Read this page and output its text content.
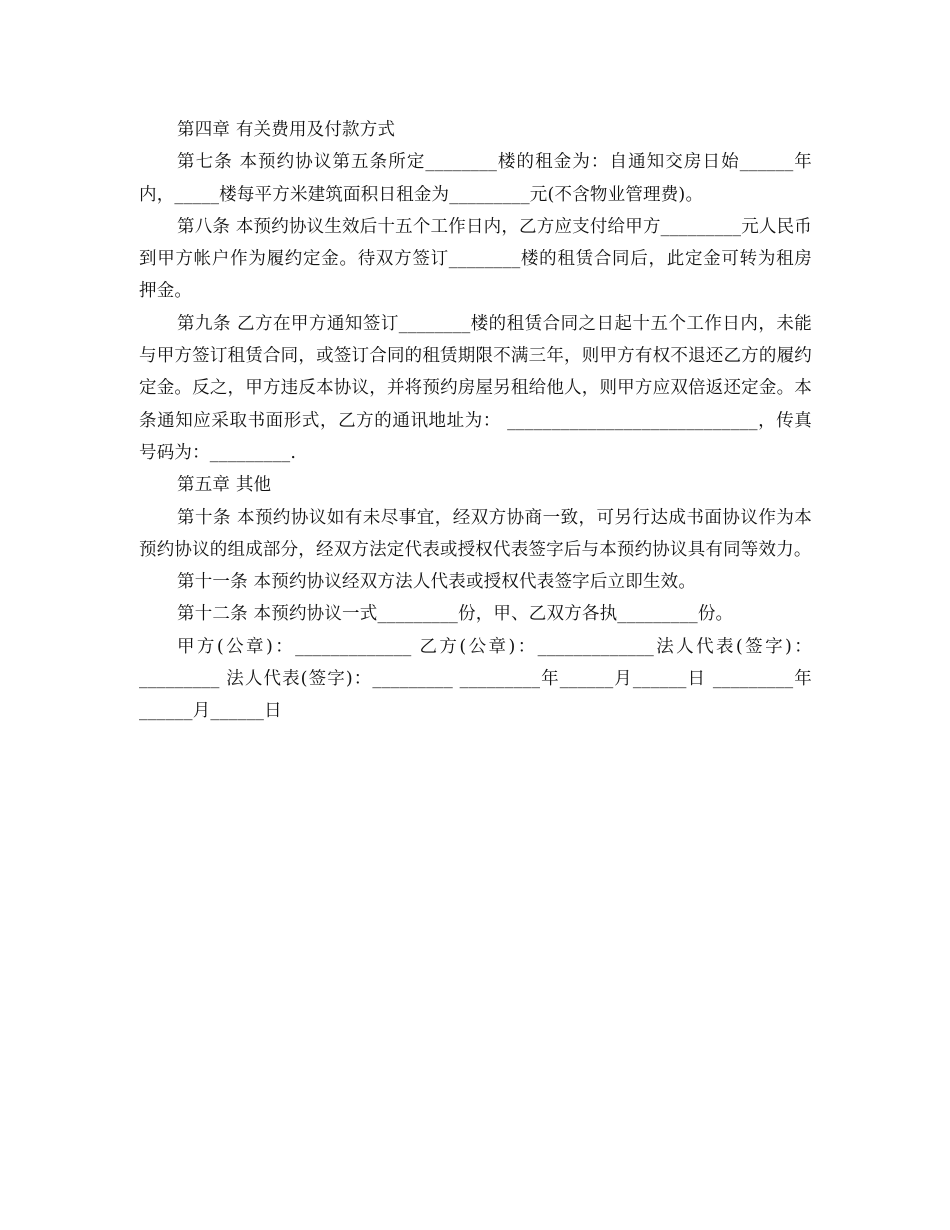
第四章 有关费用及付款方式

第七条 本预约协议第五条所定________楼的租金为：自通知交房日始______年内，_____楼每平方米建筑面积日租金为_________元(不含物业管理费)。

第八条 本预约协议生效后十五个工作日内，乙方应支付给甲方_________元人民币到甲方帐户作为履约定金。待双方签订________楼的租赁合同后，此定金可转为租房押金。

第九条 乙方在甲方通知签订________楼的租赁合同之日起十五个工作日内，未能与甲方签订租赁合同，或签订合同的租赁期限不满三年，则甲方有权不退还乙方的履约定金。反之，甲方违反本协议，并将预约房屋另租给他人，则甲方应双倍返还定金。本条通知应采取书面形式，乙方的通讯地址为： ____________________________，传真号码为：_________.

第五章 其他

第十条 本预约协议如有未尽事宜，经双方协商一致，可另行达成书面协议作为本预约协议的组成部分，经双方法定代表或授权代表签字后与本预约协议具有同等效力。

第十一条 本预约协议经双方法人代表或授权代表签字后立即生效。

第十二条 本预约协议一式_________份，甲、乙双方各执_________份。

甲方(公章)：_____________ 乙方(公章)：_____________法人代表(签字)：_________ 法人代表(签字)：_________ _________年______月______日 _________年______月______日
